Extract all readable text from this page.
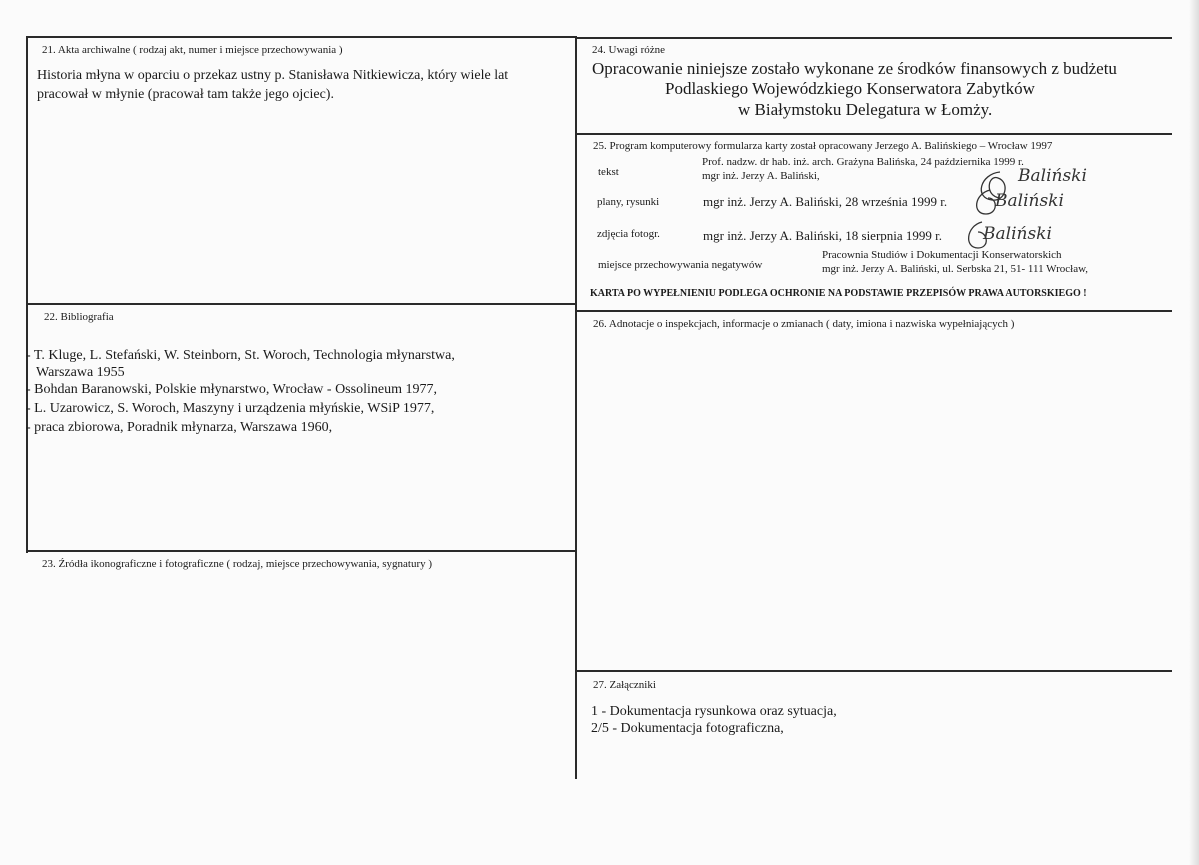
21. Akta archiwalne ( rodzaj akt, numer i miejsce przechowywania )
Historia młyna w oparciu o przekaz ustny p. Stanisława Nitkiewicza, który wiele lat
pracował w młynie (pracował tam także jego ojciec).
22. Bibliografia
- T. Kluge, L. Stefański, W. Steinborn, St. Woroch, Technologia młynarstwa,
Warszawa 1955
- Bohdan Baranowski, Polskie młynarstwo, Wrocław - Ossolineum 1977,
- L. Uzarowicz, S. Woroch, Maszyny i urządzenia młyńskie, WSiP 1977,
- praca zbiorowa, Poradnik młynarza, Warszawa 1960,
23. Źródła ikonograficzne i fotograficzne ( rodzaj, miejsce przechowywania, sygnatury )
24. Uwagi różne
Opracowanie niniejsze zostało wykonane ze środków finansowych z budżetu
Podlaskiego Wojewódzkiego Konserwatora Zabytków
w Białymstoku Delegatura w Łomży.
25. Program komputerowy formularza karty został opracowany Jerzego A. Balińskiego – Wrocław 1997
tekst
Prof. nadzw. dr hab. inż. arch. Grażyna Balińska, 24 października 1999 r.
mgr inż. Jerzy A. Baliński,
plany, rysunki	mgr inż. Jerzy A. Baliński, 28 września 1999 r.
zdjęcia fotogr.	mgr inż. Jerzy A. Baliński, 18 sierpnia 1999 r.
miejsce przechowywania negatywów
Pracownia Studiów i Dokumentacji Konserwatorskich
mgr inż. Jerzy A. Baliński, ul. Serbska 21, 51- 111 Wrocław,
KARTA PO WYPEŁNIENIU PODLEGA OCHRONIE NA PODSTAWIE PRZEPISÓW PRAWA AUTORSKIEGO !
Baliński
Baliński
Baliński
26. Adnotacje o inspekcjach, informacje o zmianach ( daty, imiona i nazwiska wypełniających )
27. Załączniki
1 - Dokumentacja rysunkowa oraz sytuacja,
2/5 - Dokumentacja fotograficzna,
